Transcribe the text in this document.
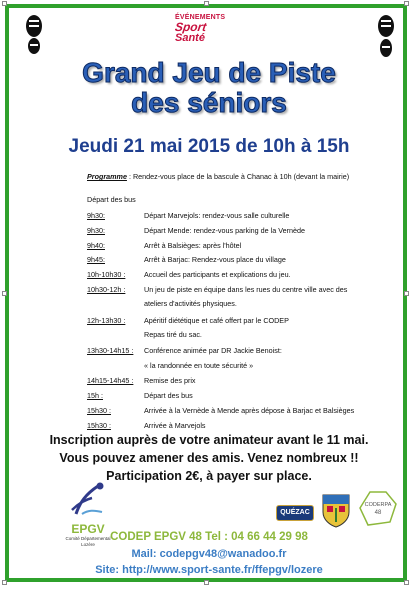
ÉVÉNEMENTS
Sport
Santé
Grand Jeu de Piste
des séniors
Jeudi 21 mai 2015 de 10h à 15h
Programme : Rendez-vous place de la bascule à Chanac à 10h (devant la mairie)
Départ des bus
9h30:	Départ Marvejols: rendez-vous salle culturelle
9h30:	Départ Mende: rendez-vous parking de la Vernède
9h40:	Arrêt à Balsièges: après l'hôtel
9h45:	Arrêt à Barjac: Rendez-vous place du village
10h-10h30 :	Accueil des participants et explications du jeu.
10h30-12h :	Un jeu de piste en équipe dans les rues du centre ville avec des
ateliers d'activités physiques.
12h-13h30 :	Apéritif diététique et café offert par le CODEP
Repas tiré du sac.
13h30-14h15 : Conférence animée par DR Jackie Benoist:
« la randonnée en toute sécurité »
14h15-14h45 : Remise des prix
15h :	Départ des bus
15h30 :	Arrivée à la Vernède à Mende après dépose à Barjac et Balsièges
15h30 :	Arrivée à Marvejols
Inscription auprès de votre animateur avant le 11 mai.
Vous pouvez amener des amis. Venez nombreux !!
Participation 2€, à payer sur place.
EPGV
Comité Départemental
Lozère
QUÉZAC
CODERPA
48
CODEP EPGV 48 Tel : 04 66 44 29 98
Mail: codepgv48@wanadoo.fr
Site: http://www.sport-sante.fr/ffepgv/lozere
